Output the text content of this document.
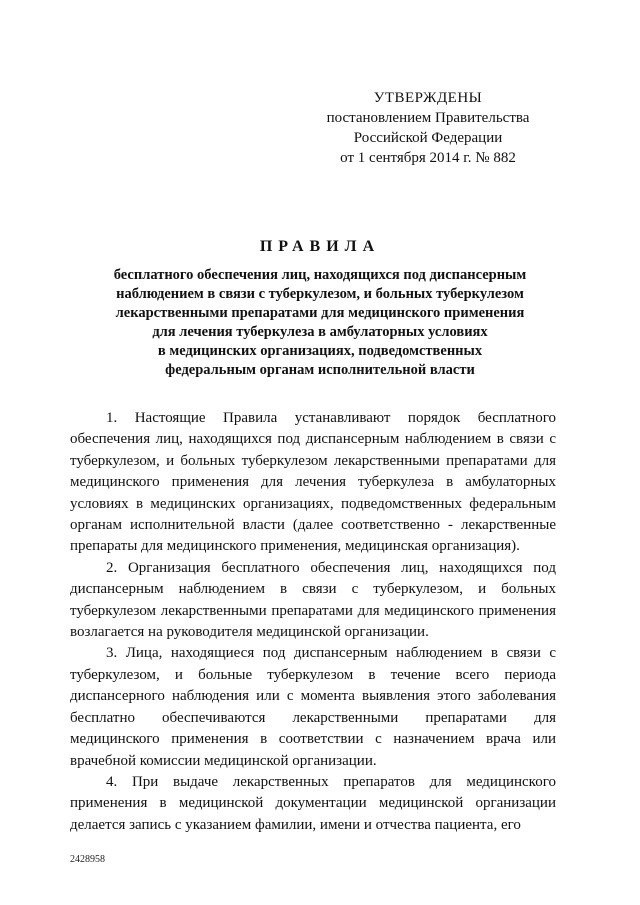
УТВЕРЖДЕНЫ
постановлением Правительства
Российской Федерации
от 1 сентября 2014 г. № 882
ПРАВИЛА
бесплатного обеспечения лиц, находящихся под диспансерным
наблюдением в связи с туберкулезом, и больных туберкулезом
лекарственными препаратами для медицинского применения
для лечения туберкулеза в амбулаторных условиях
в медицинских организациях, подведомственных
федеральным органам исполнительной власти

1. Настоящие Правила устанавливают порядок бесплатного обеспечения лиц, находящихся под диспансерным наблюдением в связи с туберкулезом, и больных туберкулезом лекарственными препаратами для медицинского применения для лечения туберкулеза в амбулаторных условиях в медицинских организациях, подведомственных федеральным органам исполнительной власти (далее соответственно - лекарственные препараты для медицинского применения, медицинская организация).

2. Организация бесплатного обеспечения лиц, находящихся под диспансерным наблюдением в связи с туберкулезом, и больных туберкулезом лекарственными препаратами для медицинского применения возлагается на руководителя медицинской организации.

3. Лица, находящиеся под диспансерным наблюдением в связи с туберкулезом, и больные туберкулезом в течение всего периода диспансерного наблюдения или с момента выявления этого заболевания бесплатно обеспечиваются лекарственными препаратами для медицинского применения в соответствии с назначением врача или врачебной комиссии медицинской организации.

4. При выдаче лекарственных препаратов для медицинского применения в медицинской документации медицинской организации делается запись с указанием фамилии, имени и отчества пациента, его

2428958
